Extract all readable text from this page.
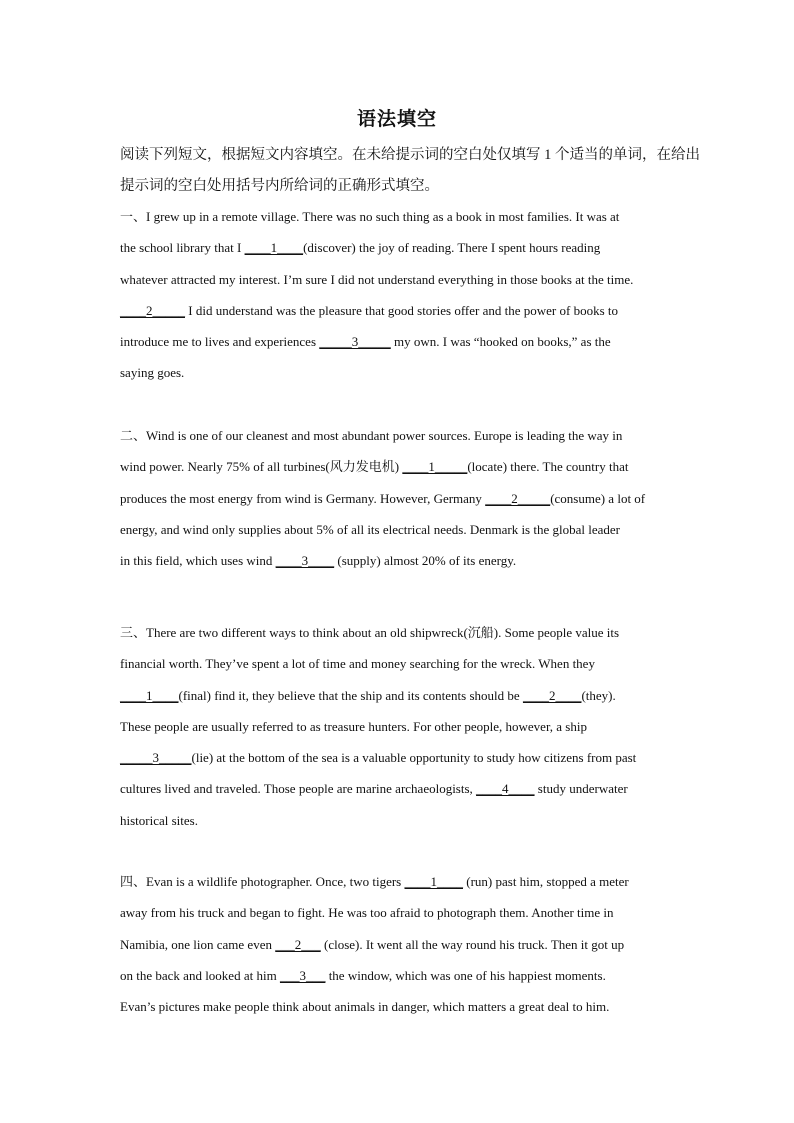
语法填空
阅读下列短文，根据短文内容填空。在未给提示词的空白处仅填写 1 个适当的单词，在给出
提示词的空白处用括号内所给词的正确形式填空。
一、I grew up in a remote village. There was no such thing as a book in most families. It was at
the school library that I ____1____(discover) the joy of reading. There I spent hours reading
whatever attracted my interest. I’m sure I did not understand everything in those books at the time.
____2_____ I did understand was the pleasure that good stories offer and the power of books to
introduce me to lives and experiences _____3_____ my own. I was “hooked on books,” as the
saying goes.
二、Wind is one of our cleanest and most abundant power sources. Europe is leading the way in
wind power. Nearly 75% of all turbines(风力发电机) ____1_____(locate) there. The country that
produces the most energy from wind is Germany. However, Germany ____2_____(consume) a lot of
energy, and wind only supplies about 5% of all its electrical needs. Denmark is the global leader
in this field, which uses wind ____3____ (supply) almost 20% of its energy.
三、There are two different ways to think about an old shipwreck(沉船). Some people value its
financial worth. They’ve spent a lot of time and money searching for the wreck. When they
____1____(final) find it, they believe that the ship and its contents should be ____2____(they).
These people are usually referred to as treasure hunters. For other people, however, a ship
_____3_____(lie) at the bottom of the sea is a valuable opportunity to study how citizens from past
cultures lived and traveled. Those people are marine archaeologists, ____4____ study underwater
historical sites.
四、Evan is a wildlife photographer. Once, two tigers ____1____ (run) past him, stopped a meter
away from his truck and began to fight. He was too afraid to photograph them. Another time in
Namibia, one lion came even ___2___ (close). It went all the way round his truck. Then it got up
on the back and looked at him ___3___ the window, which was one of his happiest moments.
Evan’s pictures make people think about animals in danger, which matters a great deal to him.
